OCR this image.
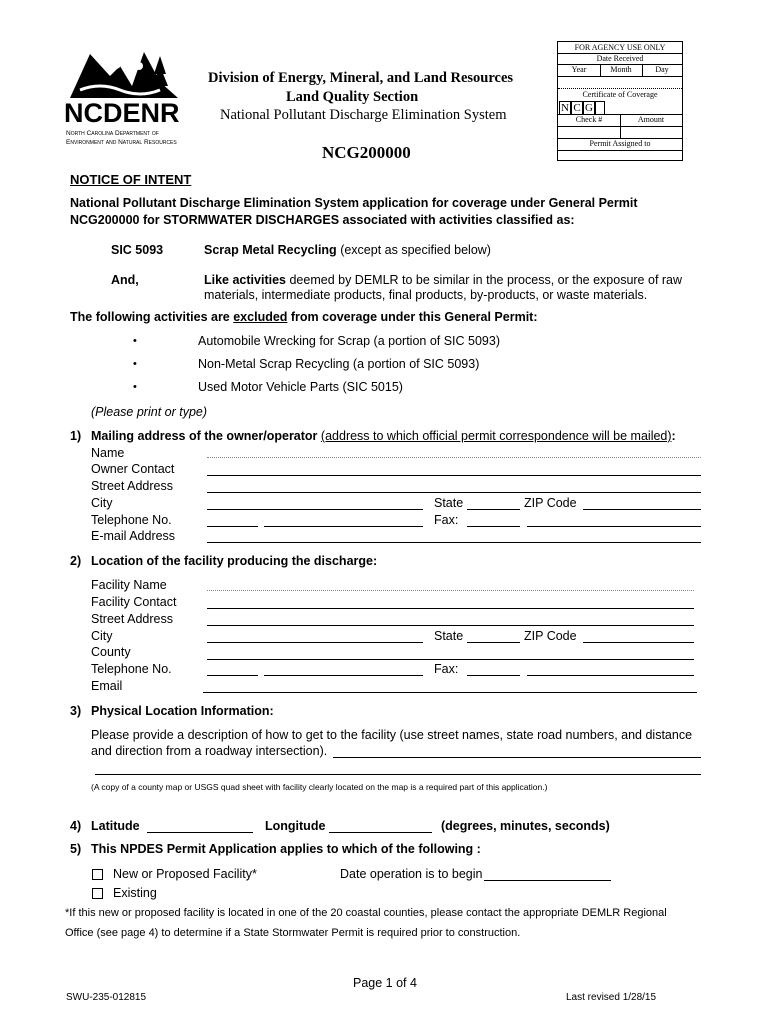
NCDENR
North Carolina Department of
Environment and Natural Resources
Division of Energy, Mineral, and Land Resources
Land Quality Section
National Pollutant Discharge Elimination System
NCG200000
FOR AGENCY USE ONLY
Date Received
Year	Month	Day
Certificate of Coverage
Check #	Amount
Permit Assigned to
N C G
NOTICE OF INTENT
National Pollutant Discharge Elimination System application for coverage under General Permit
NCG200000 for STORMWATER DISCHARGES associated with activities classified as:
SIC 5093	Scrap Metal Recycling (except as specified below)
And,	Like activities deemed by DEMLR to be similar in the process, or the exposure of raw
materials, intermediate products, final products, by-products, or waste materials.
The following activities are excluded from coverage under this General Permit:
•	Automobile Wrecking for Scrap (a portion of SIC 5093)
•	Non-Metal Scrap Recycling (a portion of SIC 5093)
•	Used Motor Vehicle Parts (SIC 5015)
(Please print or type)
1) Mailing address of the owner/operator (address to which official permit correspondence will be mailed):
Name
Owner Contact
Street Address
City	State	ZIP Code
Telephone No.	Fax:
E-mail Address
2) Location of the facility producing the discharge:
Facility Name
Facility Contact
Street Address
City	State	ZIP Code
County
Telephone No.	Fax:
Email
3) Physical Location Information:
Please provide a description of how to get to the facility (use street names, state road numbers, and distance
and direction from a roadway intersection).
(A copy of a county map or USGS quad sheet with facility clearly located on the map is a required part of this application.)
4) Latitude	Longitude	(degrees, minutes, seconds)
5) This NPDES Permit Application applies to which of the following :
New or Proposed Facility*	Date operation is to begin
Existing
*If this new or proposed facility is located in one of the 20 coastal counties, please contact the appropriate DEMLR Regional
Office (see page 4) to determine if a State Stormwater Permit is required prior to construction.
Page 1 of 4
SWU-235-012815	Last revised 1/28/15
